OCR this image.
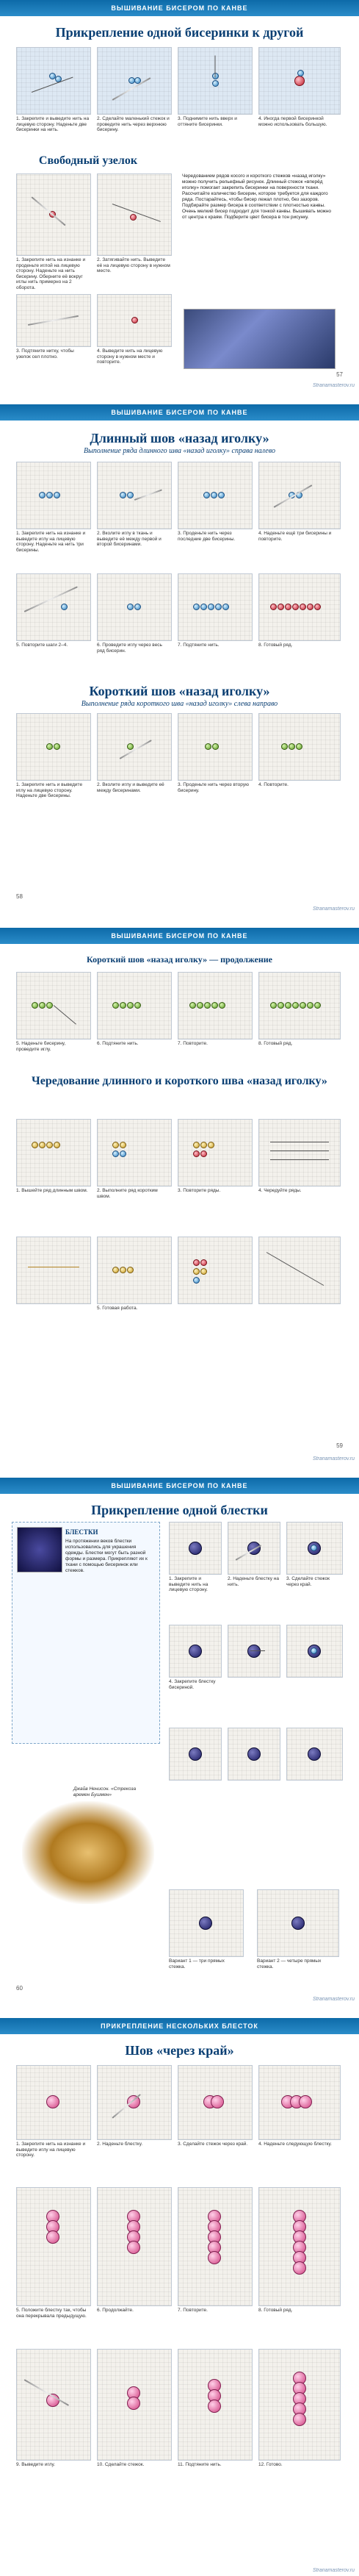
ВЫШИВАНИЕ БИСЕРОМ ПО КАНВЕ
Прикрепление одной бисеринки к другой
1. Закрепите и выведите нить на лицевую сторону. Наденьте две бисеринки на нить.
2. Сделайте маленький стежок и проведите нить через верхнюю бисерину.
3. Поднимите нить вверх и оттяните бисеринки.
4. Иногда первой бисеринкой можно использовать большую.
Свободный узелок
1. Закрепите нить на изнанке и проденьте иглой на лицевую сторону. Наденьте на нить бисерину. Оберните её вокруг иглы нить примерно на 2 оборота.
2. Затягивайте нить. Выведите её на лицевую сторону в нужном месте.
3. Подтяните нитку, чтобы узелок сел плотно.
4. Выведите нить на лицевую сторону в нужном месте и повторите.
Чередованием рядов косого и короткого стежков «назад иголку» можно получить рельефный рисунок. Длинный стежок «вперёд иголку» помогает закрепить бисеринки на поверхности ткани. Рассчитайте количество бисерин, которое требуется для каждого ряда. Постарайтесь, чтобы бисер лежал плотно, без зазоров. Подбирайте размер бисера в соответствии с плотностью канвы. Очень мелкий бисер подходит для тонкой канвы. Вышивать можно от центра к краям. Подберите цвет бисера в тон рисунку.
57
Stranamasterov.ru
ВЫШИВАНИЕ БИСЕРОМ ПО КАНВЕ
Длинный шов «назад иголку»
Выполнение ряда длинного шва «назад иголку» справа налево
1. Закрепите нить на изнанке и выведите иглу на лицевую сторону. Наденьте на нить три бисерины.
2. Вколите иглу в ткань и выведите её между первой и второй бисеринами.
3. Проденьте нить через последние две бисерины.
4. Наденьте ещё три бисерины и повторите.
5. Повторите шаги 2–4.	6. Проведите иглу через весь ряд бисерин.
7. Подтяните нить.	8. Готовый ряд.
Короткий шов «назад иголку»
Выполнение ряда короткого шва «назад иголку» слева направо
1. Закрепите нить и выведите иглу на лицевую сторону. Наденьте две бисерины.
2. Вколите иглу и выведите её между бисеринами.
3. Проденьте нить через вторую бисерину.
4. Повторите.
58
Stranamasterov.ru
ВЫШИВАНИЕ БИСЕРОМ ПО КАНВЕ
Короткий шов «назад иголку» — продолжение
5. Наденьте бисерину, проведите иглу.
6. Подтяните нить.	7. Повторите.	8. Готовый ряд.
Чередование длинного и короткого шва «назад иголку»
1. Вышейте ряд длинным швом.	2. Выполните ряд коротким швом.
3. Повторите ряды.	4. Чередуйте ряды.
5. Готовая работа.
59
Stranamasterov.ru
ВЫШИВАНИЕ БИСЕРОМ ПО КАНВЕ
Прикрепление одной блестки
БЛЕСТКИ
На протяжении веков блестки использовались для украшения одежды. Блестки могут быть разной формы и размера. Прикрепляют их к ткани с помощью бисеринок или стежков.
1. Закрепите и выведите нить на лицевую сторону.
2. Наденьте блестку на нить.
3. Сделайте стежок через край.
4. Закрепите блестку бисериной.
Джайв Ненисон. «Стрекоза времен Бушмен»
Вариант 1 — три прямых стежка.
Вариант 2 — четыре прямых стежка.
60
Stranamasterov.ru
ПРИКРЕПЛЕНИЕ НЕСКОЛЬКИХ БЛЕСТОК
Шов «через край»
1. Закрепите нить на изнанке и выведите иглу на лицевую сторону.
2. Наденьте блестку.	3. Сделайте стежок через край.	4. Наденьте следующую блестку.
5. Положите блестку так, чтобы она перекрывала предыдущую.
6. Продолжайте.	7. Повторите.	8. Готовый ряд.
9. Выведите иглу.	10. Сделайте стежок.	11. Подтяните нить.	12. Готово.
Stranamasterov.ru
